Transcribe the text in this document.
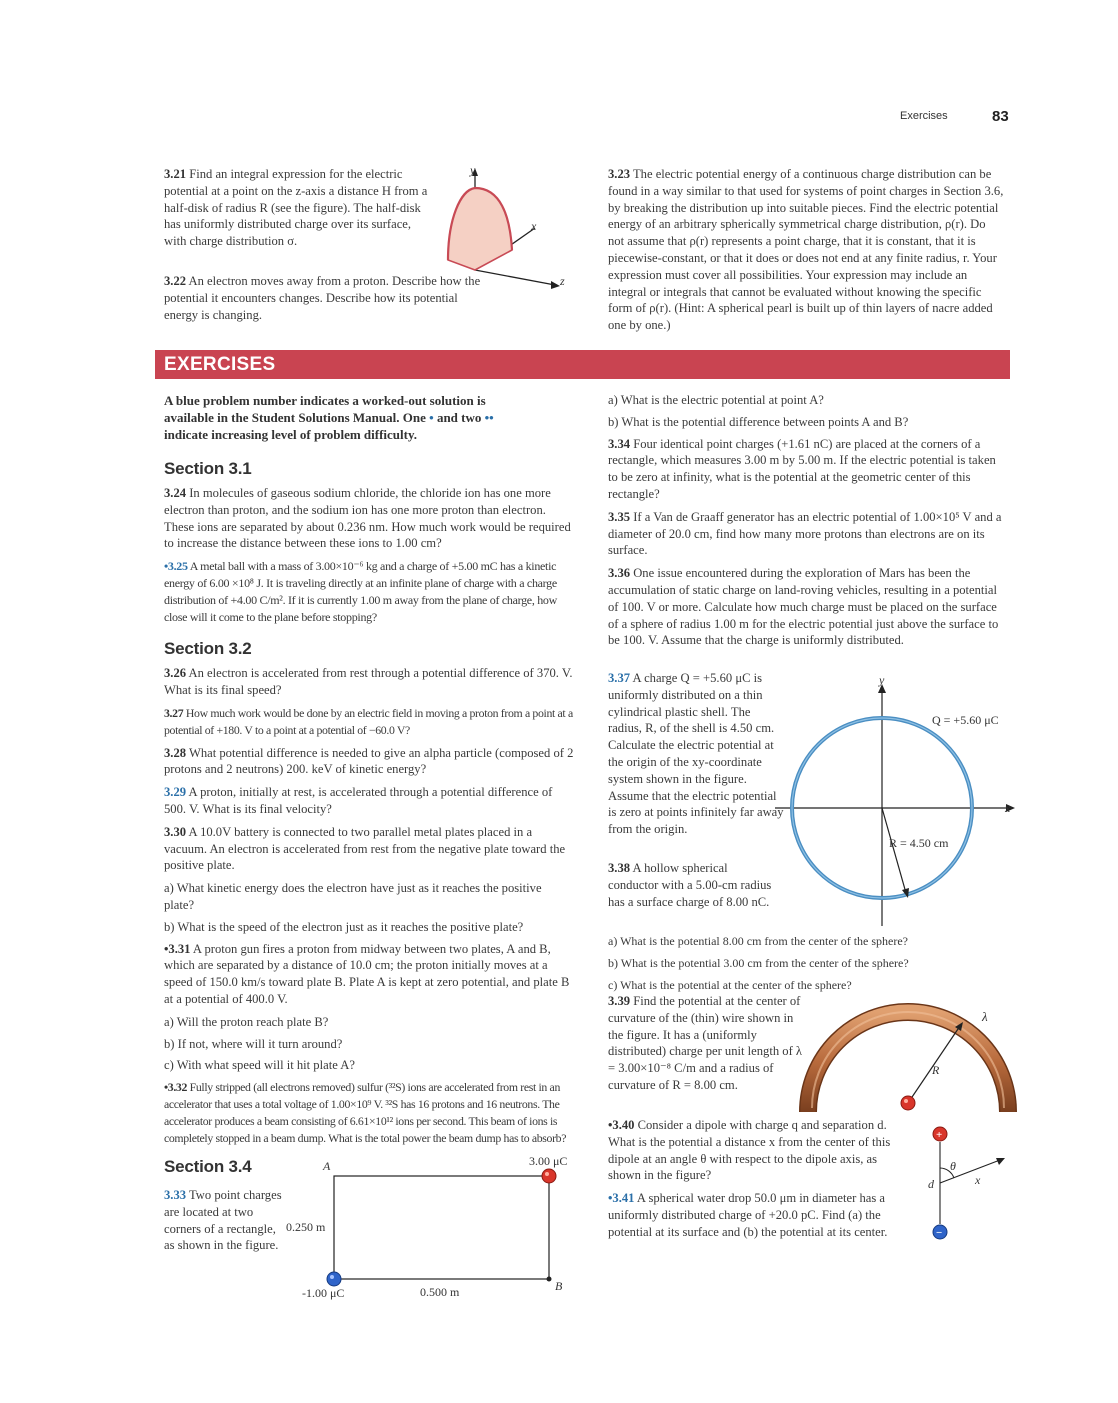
Exercises	83

3.21 Find an integral expression for the electric potential at a point on the z-axis a distance H from a half-disk of radius R (see the figure). The half-disk has uniformly distributed charge over its surface, with charge distribution σ.

3.22 An electron moves away from a proton. Describe how the potential it encounters changes. Describe how its potential energy is changing.

y
x
z

3.23 The electric potential energy of a continuous charge distribution can be found in a way similar to that used for systems of point charges in Section 3.6, by breaking the distribution up into suitable pieces. Find the electric potential energy of an arbitrary spherically symmetrical charge distribution, ρ(r). Do not assume that ρ(r) represents a point charge, that it is constant, that it is piecewise-constant, or that it does or does not end at any finite radius, r. Your expression must cover all possibilities. Your expression may include an integral or integrals that cannot be evaluated without knowing the specific form of ρ(r). (Hint: A spherical pearl is built up of thin layers of nacre added one by one.)

EXERCISES
A blue problem number indicates a worked-out solution is
available in the Student Solutions Manual. One • and two ••
indicate increasing level of problem difficulty.
Section 3.1

3.24 In molecules of gaseous sodium chloride, the chloride ion has one more electron than proton, and the sodium ion has one more proton than electron. These ions are separated by about 0.236 nm. How much work would be required to increase the distance between these ions to 1.00 cm?

•3.25 A metal ball with a mass of 3.00×10⁻⁶ kg and a charge of +5.00 mC has a kinetic energy of 6.00 ×10⁸ J. It is traveling directly at an infinite plane of charge with a charge distribution of +4.00 C/m². If it is currently 1.00 m away from the plane of charge, how close will it come to the plane before stopping?

Section 3.2

3.26 An electron is accelerated from rest through a potential difference of 370. V. What is its final speed?

3.27 How much work would be done by an electric field in moving a proton from a point at a potential of +180. V to a point at a potential of −60.0 V?

3.28 What potential difference is needed to give an alpha particle (composed of 2 protons and 2 neutrons) 200. keV of kinetic energy?

3.29 A proton, initially at rest, is accelerated through a potential difference of 500. V. What is its final velocity?

3.30 A 10.0V battery is connected to two parallel metal plates placed in a vacuum. An electron is accelerated from rest from the negative plate toward the positive plate.

a) What kinetic energy does the electron have just as it reaches the positive plate?

b) What is the speed of the electron just as it reaches the positive plate?

•3.31 A proton gun fires a proton from midway between two plates, A and B, which are separated by a distance of 10.0 cm; the proton initially moves at a speed of 150.0 km/s toward plate B. Plate A is kept at zero potential, and plate B at a potential of 400.0 V.

a) Will the proton reach plate B?

b) If not, where will it turn around?

c) With what speed will it hit plate A?

•3.32 Fully stripped (all electrons removed) sulfur (³²S) ions are accelerated from rest in an accelerator that uses a total voltage of 1.00×10⁹ V. ³²S has 16 protons and 16 neutrons. The accelerator produces a beam consisting of 6.61×10¹² ions per second. This beam of ions is completely stopped in a beam dump. What is the total power the beam dump has to absorb?

Section 3.4

3.33 Two point charges are located at two corners of a rectangle, as shown in the figure.

A
B
3.00 μC
-1.00 μC
0.250 m
0.500 m

a) What is the electric potential at point A?

b) What is the potential difference between points A and B?

3.34 Four identical point charges (+1.61 nC) are placed at the corners of a rectangle, which measures 3.00 m by 5.00 m. If the electric potential is taken to be zero at infinity, what is the potential at the geometric center of this rectangle?

3.35 If a Van de Graaff generator has an electric potential of 1.00×10⁵ V and a diameter of 20.0 cm, find how many more protons than electrons are on its surface.

3.36 One issue encountered during the exploration of Mars has been the accumulation of static charge on land-roving vehicles, resulting in a potential of 100. V or more. Calculate how much charge must be placed on the surface of a sphere of radius 1.00 m for the electric potential just above the surface to be 100. V. Assume that the charge is uniformly distributed.

3.37 A charge Q = +5.60 μC is uniformly distributed on a thin cylindrical plastic shell. The radius, R, of the shell is 4.50 cm. Calculate the electric potential at the origin of the xy-coordinate system shown in the figure. Assume that the electric potential is zero at points infinitely far away from the origin.

y
x
Q = +5.60 μC
R = 4.50 cm

3.38 A hollow spherical conductor with a 5.00-cm radius has a surface charge of 8.00 nC.

a) What is the potential 8.00 cm from the center of the sphere?

b) What is the potential 3.00 cm from the center of the sphere?

c) What is the potential at the center of the sphere?

3.39 Find the potential at the center of curvature of the (thin) wire shown in the figure. It has a (uniformly distributed) charge per unit length of λ = 3.00×10⁻⁸ C/m and a radius of curvature of R = 8.00 cm.

λ
R

•3.40 Consider a dipole with charge q and separation d. What is the potential a distance x from the center of this dipole at an angle θ with respect to the dipole axis, as shown in the figure?

+
−
θ
d	x

•3.41 A spherical water drop 50.0 μm in diameter has a uniformly distributed charge of +20.0 pC. Find (a) the potential at its surface and (b) the potential at its center.
